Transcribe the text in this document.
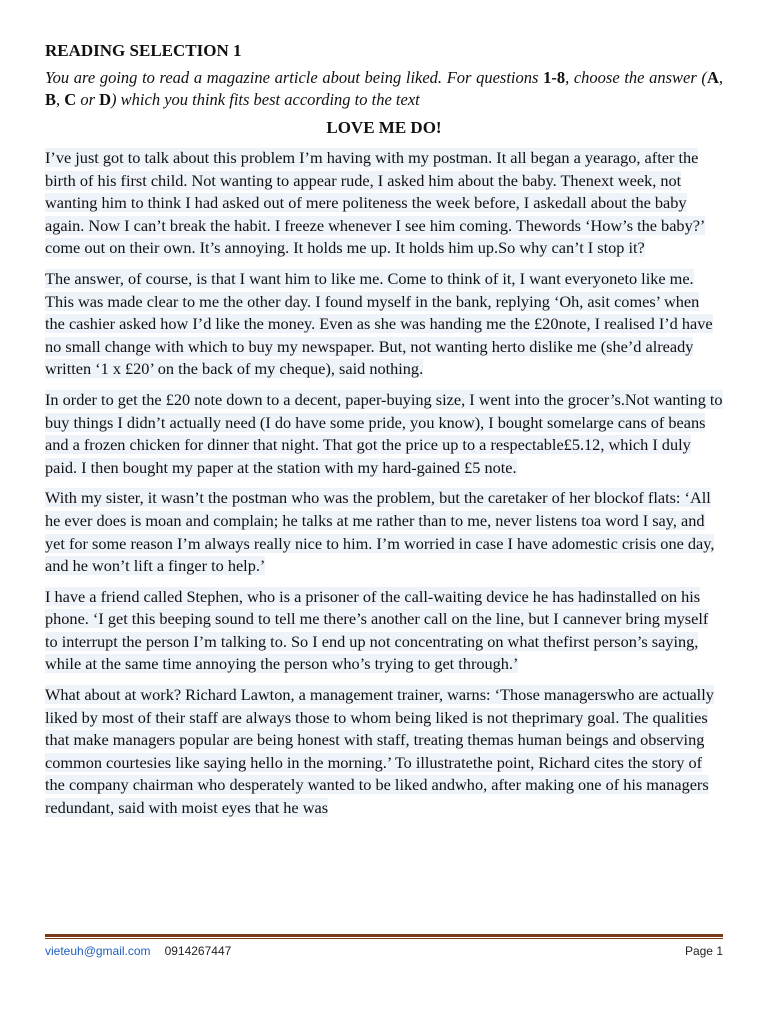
READING SELECTION 1
You are going to read a magazine article about being liked. For questions 1-8, choose the answer (A, B, C or D) which you think fits best according to the text
LOVE ME DO!

I’ve just got to talk about this problem I’m having with my postman. It all began a yearago, after the birth of his first child. Not wanting to appear rude, I asked him about the baby. Thenext week, not wanting him to think I had asked out of mere politeness the week before, I askedall about the baby again. Now I can’t break the habit. I freeze whenever I see him coming. Thewords ‘How’s the baby?’ come out on their own. It’s annoying. It holds me up. It holds him up.So why can’t I stop it?

The answer, of course, is that I want him to like me. Come to think of it, I want everyoneto like me. This was made clear to me the other day. I found myself in the bank, replying ‘Oh, asit comes’ when the cashier asked how I’d like the money. Even as she was handing me the £20note, I realised I’d have no small change with which to buy my newspaper. But, not wanting herto dislike me (she’d already written ‘1 x £20’ on the back of my cheque), said nothing.

In order to get the £20 note down to a decent, paper-buying size, I went into the grocer’s.Not wanting to buy things I didn’t actually need (I do have some pride, you know), I bought somelarge cans of beans and a frozen chicken for dinner that night. That got the price up to a respectable£5.12, which I duly paid. I then bought my paper at the station with my hard-gained £5 note.

With my sister, it wasn’t the postman who was the problem, but the caretaker of her blockof flats: ‘All he ever does is moan and complain; he talks at me rather than to me, never listens toa word I say, and yet for some reason I’m always really nice to him. I’m worried in case I have adomestic crisis one day, and he won’t lift a finger to help.’

I have a friend called Stephen, who is a prisoner of the call-waiting device he has hadinstalled on his phone. ‘I get this beeping sound to tell me there’s another call on the line, but I cannever bring myself to interrupt the person I’m talking to. So I end up not concentrating on what thefirst person’s saying, while at the same time annoying the person who’s trying to get through.’

What about at work? Richard Lawton, a management trainer, warns: ‘Those managerswho are actually liked by most of their staff are always those to whom being liked is not theprimary goal. The qualities that make managers popular are being honest with staff, treating themas human beings and observing common courtesies like saying hello in the morning.’ To illustratethe point, Richard cites the story of the company chairman who desperately wanted to be liked andwho, after making one of his managers redundant, said with moist eyes that he was

vieteuh@gmail.com 0914267447	Page 1
